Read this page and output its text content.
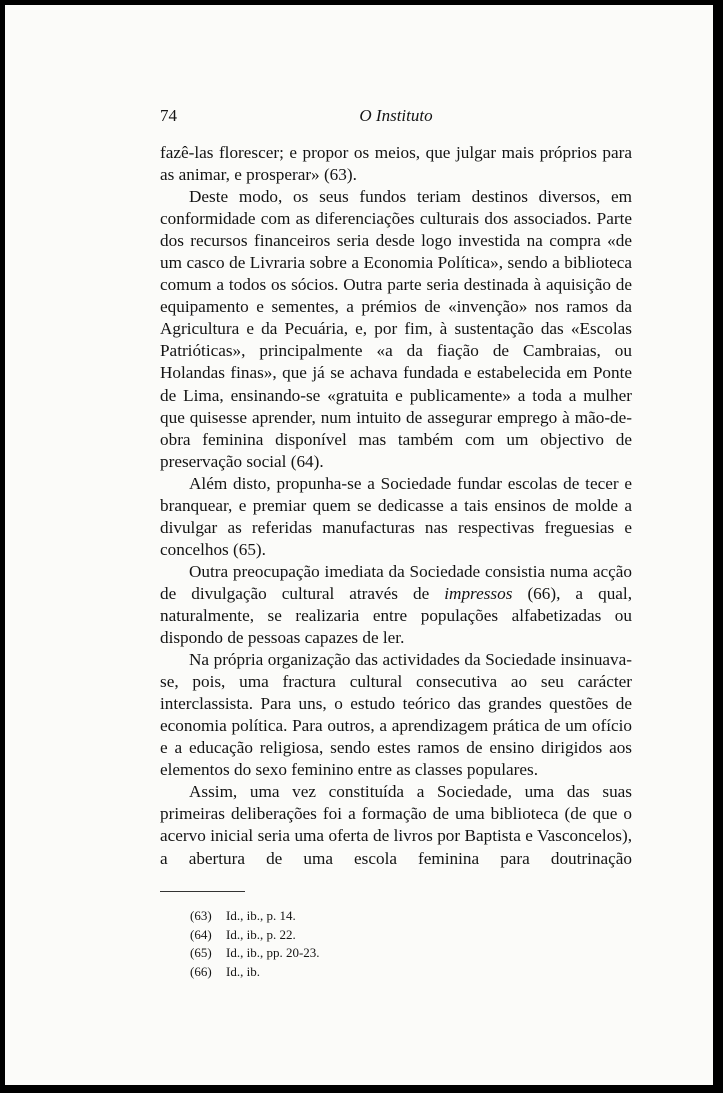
74	O Instituto

fazê-las florescer; e propor os meios, que julgar mais próprios para as animar, e prosperar» (63).

Deste modo, os seus fundos teriam destinos diversos, em conformidade com as diferenciações culturais dos associados. Parte dos recursos financeiros seria desde logo investida na compra «de um casco de Livraria sobre a Economia Política», sendo a biblioteca comum a todos os sócios. Outra parte seria destinada à aquisição de equipamento e sementes, a prémios de «invenção» nos ramos da Agricultura e da Pecuária, e, por fim, à sustentação das «Escolas Patrióticas», principalmente «a da fiação de Cambraias, ou Holandas finas», que já se achava fundada e estabelecida em Ponte de Lima, ensinando-se «gratuita e publicamente» a toda a mulher que quisesse aprender, num intuito de assegurar emprego à mão-de-obra feminina disponível mas também com um objectivo de preservação social (64).

Além disto, propunha-se a Sociedade fundar escolas de tecer e branquear, e premiar quem se dedicasse a tais ensinos de molde a divulgar as referidas manufacturas nas respectivas freguesias e concelhos (65).

Outra preocupação imediata da Sociedade consistia numa acção de divulgação cultural através de impressos (66), a qual, naturalmente, se realizaria entre populações alfabetizadas ou dispondo de pessoas capazes de ler.

Na própria organização das actividades da Sociedade insinuava-se, pois, uma fractura cultural consecutiva ao seu carácter interclassista. Para uns, o estudo teórico das grandes questões de economia política. Para outros, a aprendizagem prática de um ofício e a educação religiosa, sendo estes ramos de ensino dirigidos aos elementos do sexo feminino entre as classes populares.

Assim, uma vez constituída a Sociedade, uma das suas primeiras deliberações foi a formação de uma biblioteca (de que o acervo inicial seria uma oferta de livros por Baptista e Vasconcelos), a abertura de uma escola feminina para doutrinação

(63) Id., ib., p. 14.
(64) Id., ib., p. 22.
(65) Id., ib., pp. 20-23.
(66) Id., ib.
